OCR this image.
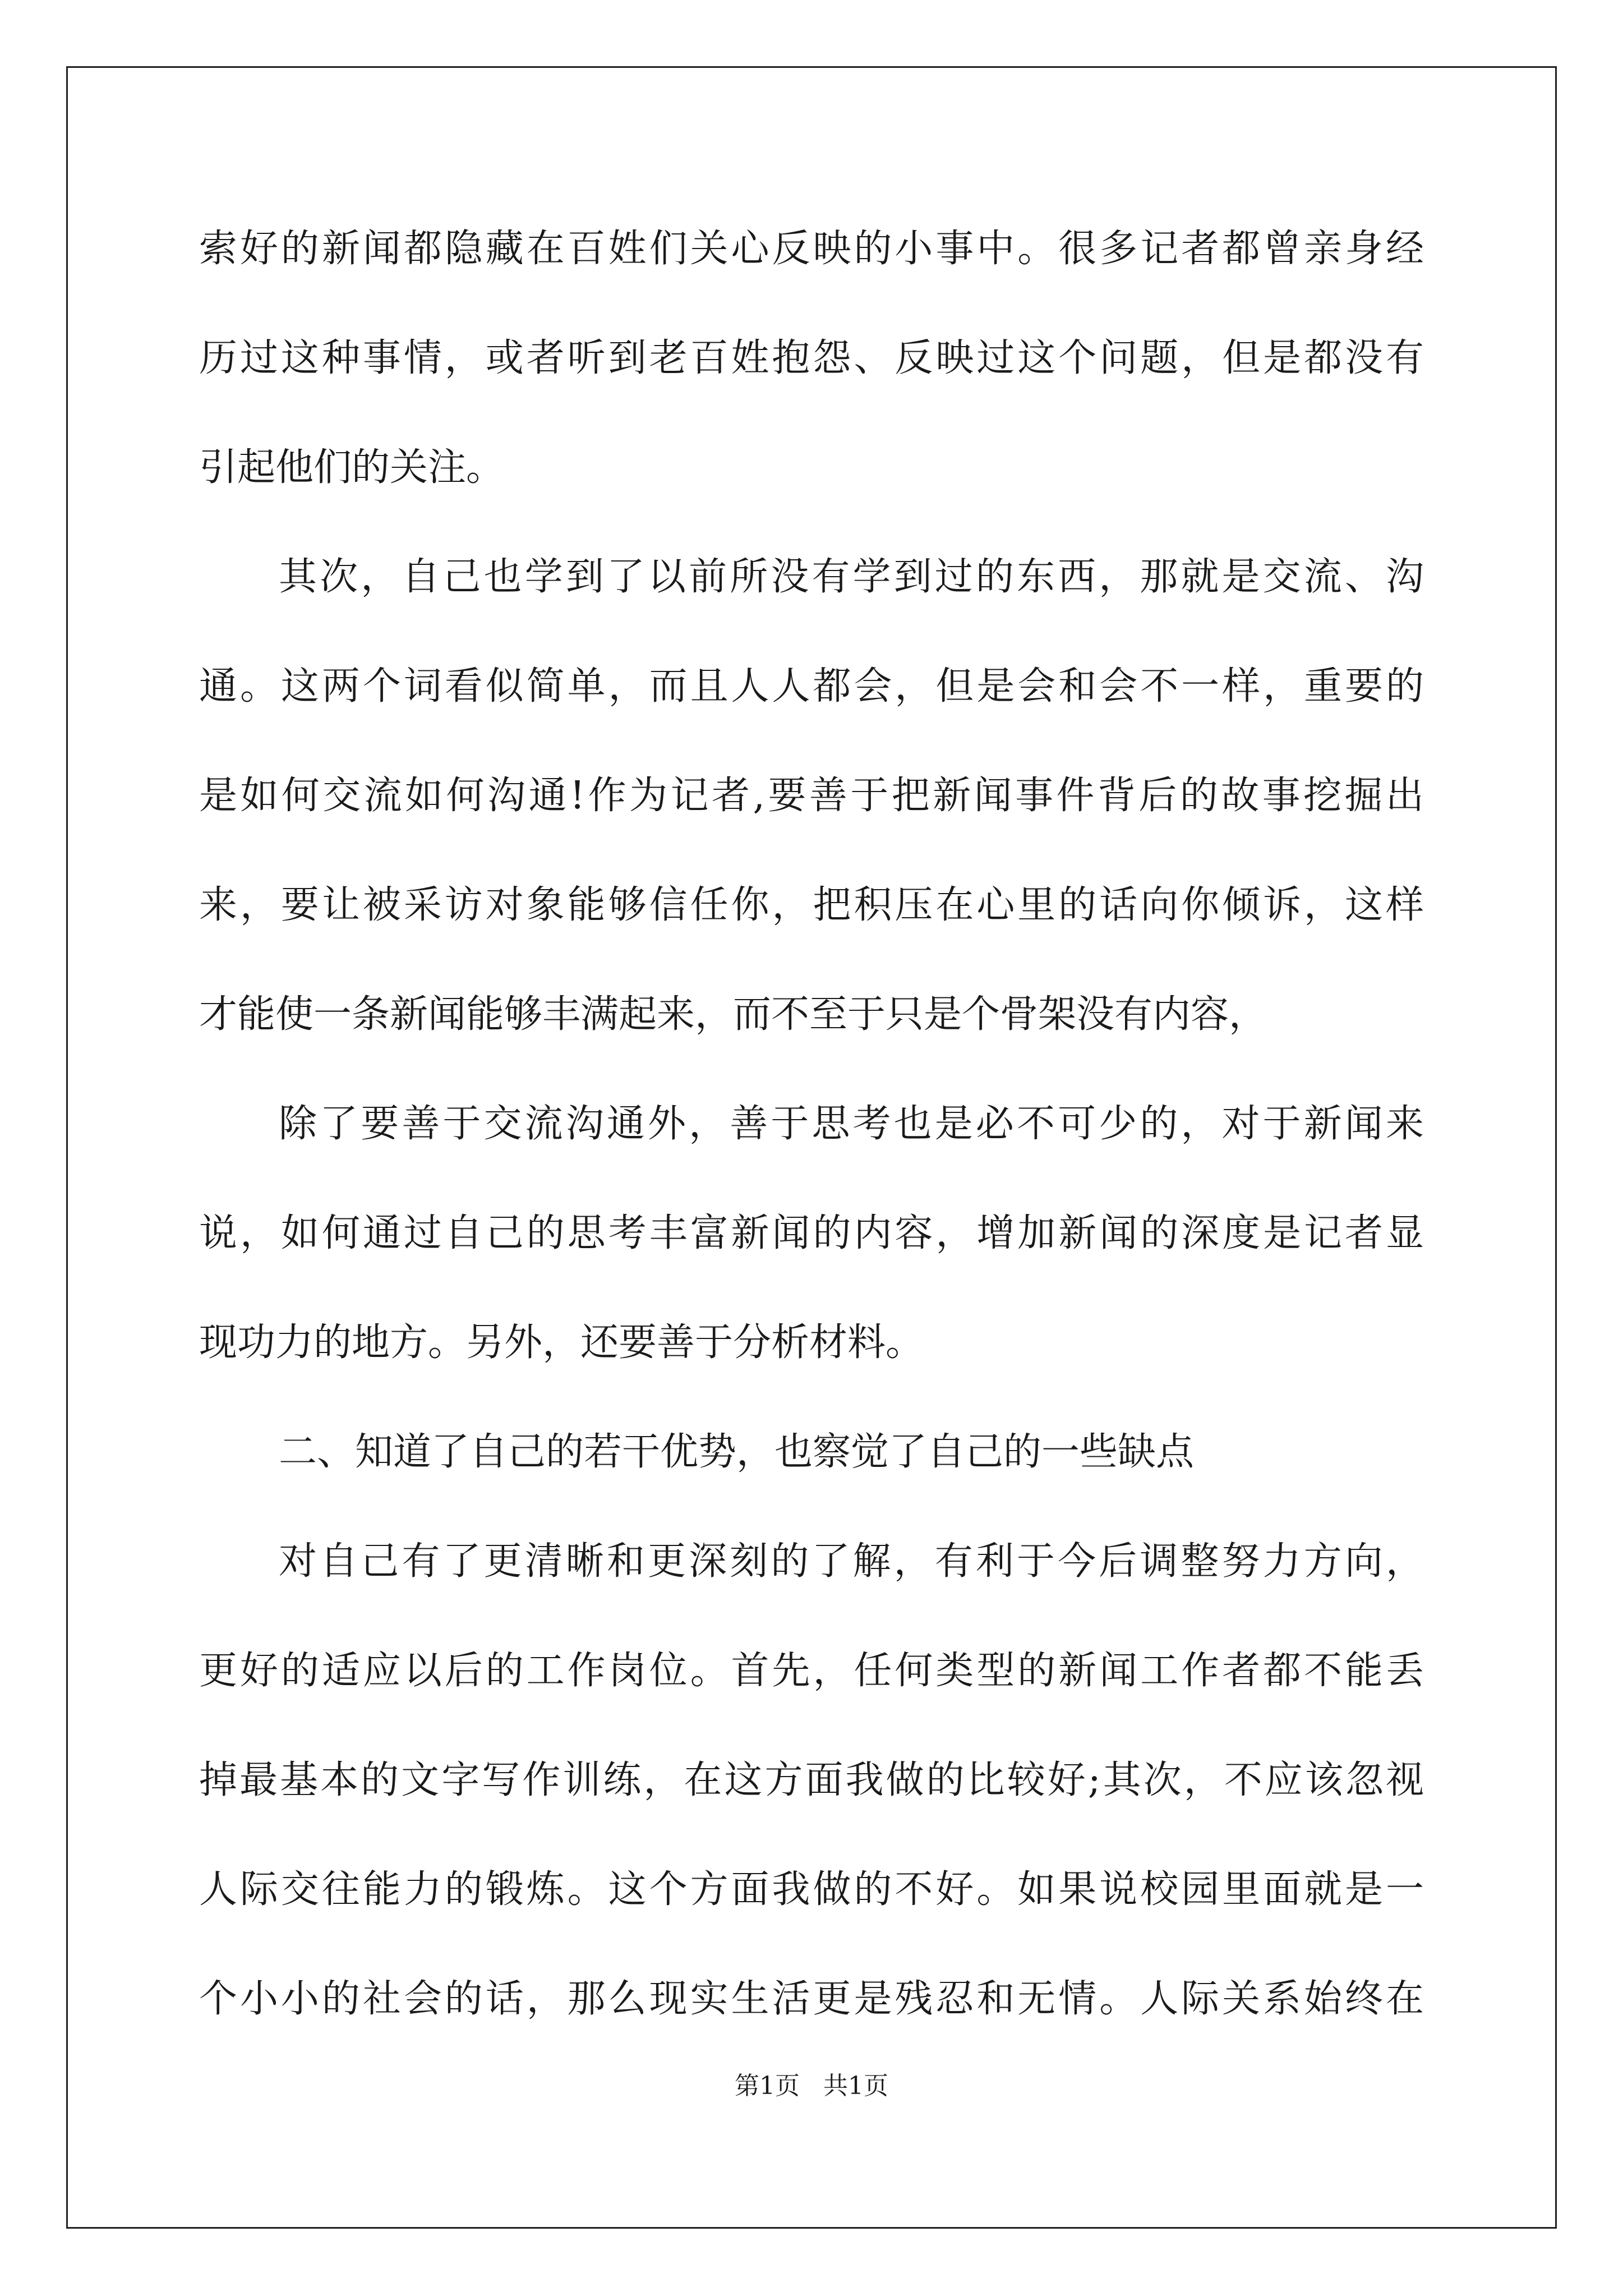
索好的新闻都隐藏在百姓们关心反映的小事中。很多记者都曾亲身经

历过这种事情，或者听到老百姓抱怨、反映过这个问题，但是都没有

引起他们的关注。

其次，自己也学到了以前所没有学到过的东西，那就是交流、沟

通。这两个词看似简单，而且人人都会，但是会和会不一样，重要的

是如何交流如何沟通!作为记者,要善于把新闻事件背后的故事挖掘出

来，要让被采访对象能够信任你，把积压在心里的话向你倾诉，这样

才能使一条新闻能够丰满起来，而不至于只是个骨架没有内容，

除了要善于交流沟通外，善于思考也是必不可少的，对于新闻来

说，如何通过自己的思考丰富新闻的内容，增加新闻的深度是记者显

现功力的地方。另外，还要善于分析材料。

二、知道了自己的若干优势，也察觉了自己的一些缺点

对自己有了更清晰和更深刻的了解，有利于今后调整努力方向，

更好的适应以后的工作岗位。首先，任何类型的新闻工作者都不能丢

掉最基本的文字写作训练，在这方面我做的比较好;其次，不应该忽视

人际交往能力的锻炼。这个方面我做的不好。如果说校园里面就是一

个小小的社会的话，那么现实生活更是残忍和无情。人际关系始终在

第1页   共1页
